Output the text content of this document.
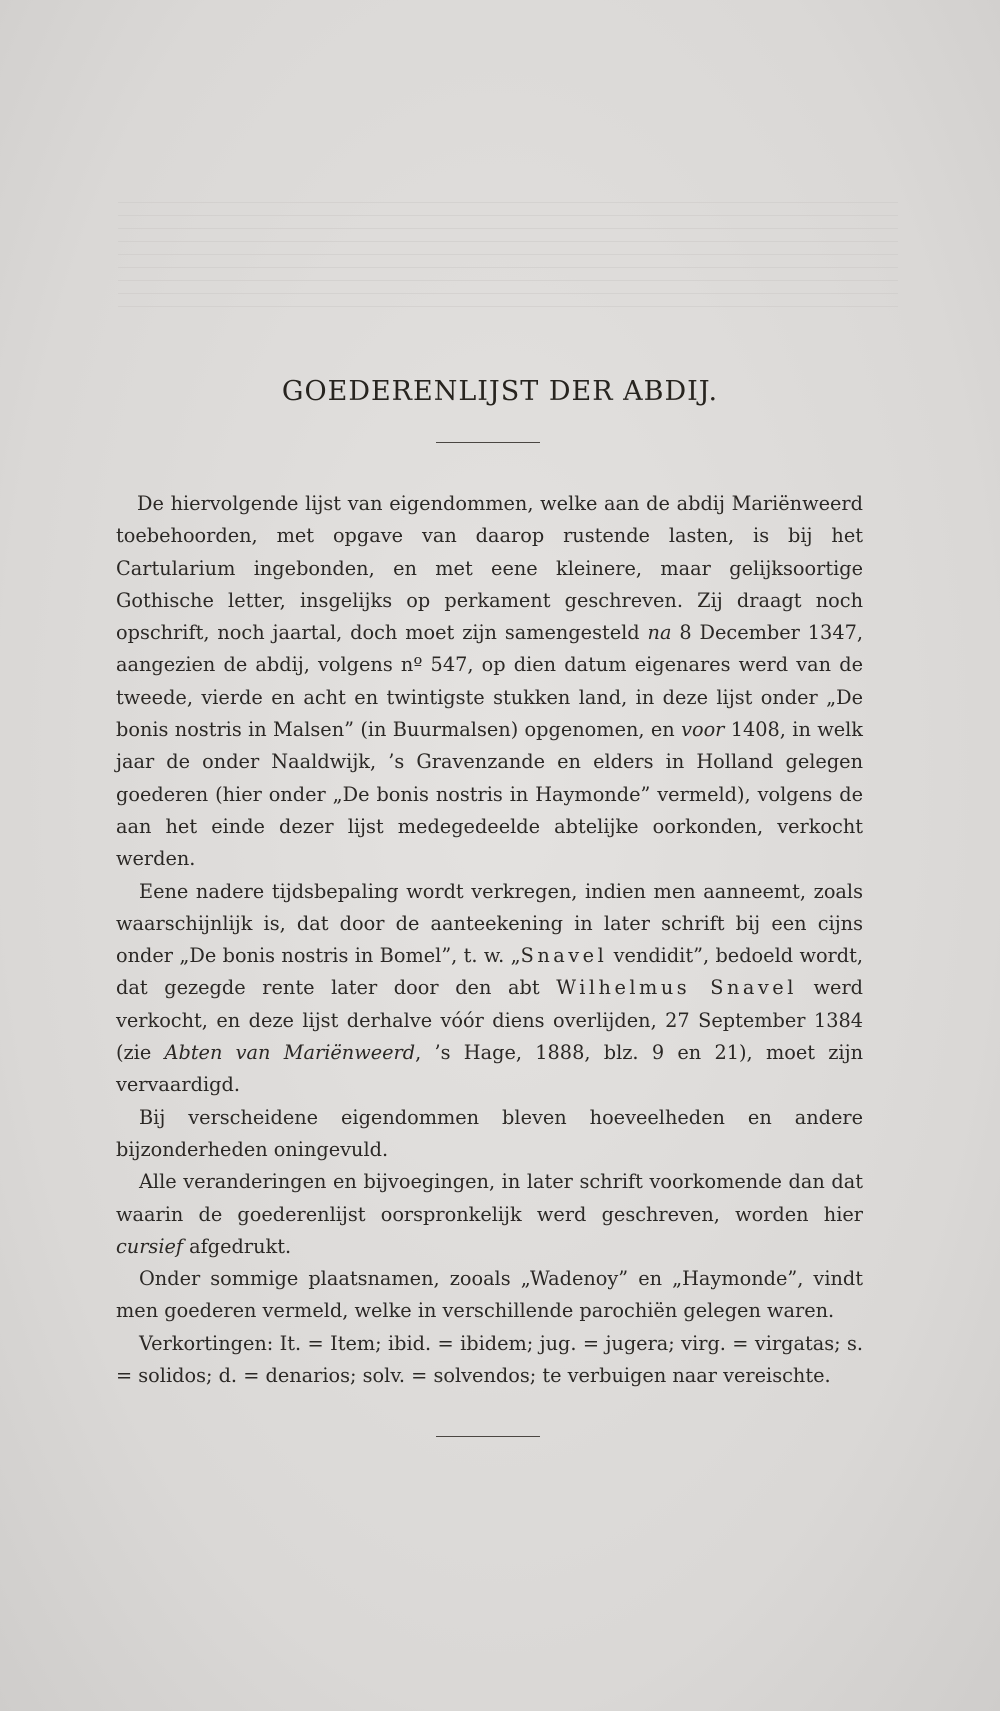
GOEDERENLIJST DER ABDIJ.

De hiervolgende lijst van eigendommen, welke aan de abdij Mariënweerd toebehoorden, met opgave van daarop rustende lasten, is bij het Cartularium ingebonden, en met eene kleinere, maar gelijksoortige Gothische letter, insgelijks op perkament geschreven. Zij draagt noch opschrift, noch jaartal, doch moet zijn samengesteld na 8 December 1347, aangezien de abdij, volgens nº 547, op dien datum eigenares werd van de tweede, vierde en acht en twintigste stukken land, in deze lijst onder „De bonis nostris in Malsen” (in Buurmalsen) opgenomen, en voor 1408, in welk jaar de onder Naaldwijk, ’s Gravenzande en elders in Holland gelegen goederen (hier onder „De bonis nostris in Haymonde” vermeld), volgens de aan het einde dezer lijst medegedeelde abtelijke oorkonden, verkocht werden.

Eene nadere tijdsbepaling wordt verkregen, indien men aanneemt, zoals waarschijnlijk is, dat door de aanteekening in later schrift bij een cijns onder „De bonis nostris in Bomel”, t. w. „Snavel vendidit”, bedoeld wordt, dat gezegde rente later door den abt Wilhelmus Snavel werd verkocht, en deze lijst derhalve vóór diens overlijden, 27 September 1384 (zie Abten van Mariënweerd, ’s Hage, 1888, blz. 9 en 21), moet zijn vervaardigd.

Bij verscheidene eigendommen bleven hoeveelheden en andere bijzonderheden oningevuld.

Alle veranderingen en bijvoegingen, in later schrift voorkomende dan dat waarin de goederenlijst oorspronkelijk werd geschreven, worden hier cursief afgedrukt.

Onder sommige plaatsnamen, zooals „Wadenoy” en „Haymonde”, vindt men goederen vermeld, welke in verschillende parochiën gelegen waren.

Verkortingen: It. = Item; ibid. = ibidem; jug. = jugera; virg. = virgatas; s. = solidos; d. = denarios; solv. = solvendos; te verbuigen naar vereischte.
